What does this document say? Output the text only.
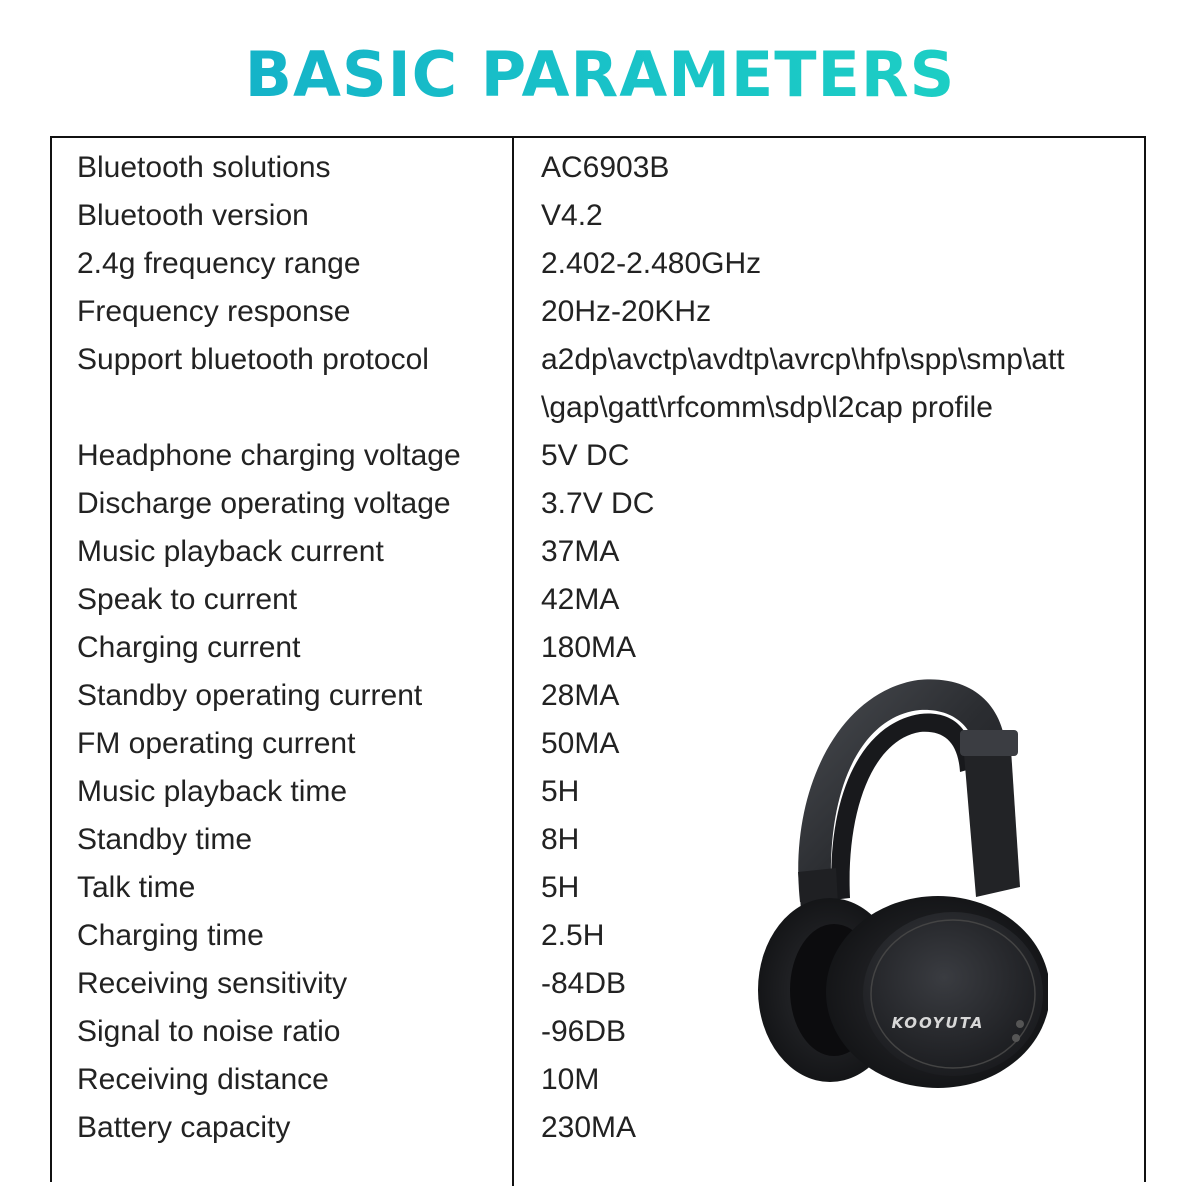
BASIC PARAMETERS
Bluetooth solutions	AC6903B
Bluetooth version	V4.2
2.4g frequency range	2.402-2.480GHz
Frequency response	20Hz-20KHz
Support bluetooth protocol	a2dp\avctp\avdtp\avrcp\hfp\spp\smp\att
\gap\gatt\rfcomm\sdp\l2cap profile
Headphone charging voltage	5V DC
Discharge operating voltage	3.7V DC
Music playback current	37MA
Speak to current	42MA
Charging current	180MA
Standby operating current	28MA
FM operating current	50MA
Music playback time	5H
Standby time	8H
Talk time	5H
Charging time	2.5H
Receiving sensitivity	-84DB
Signal to noise ratio	-96DB
Receiving distance	10M
Battery capacity	230MA
KOOYUTA
